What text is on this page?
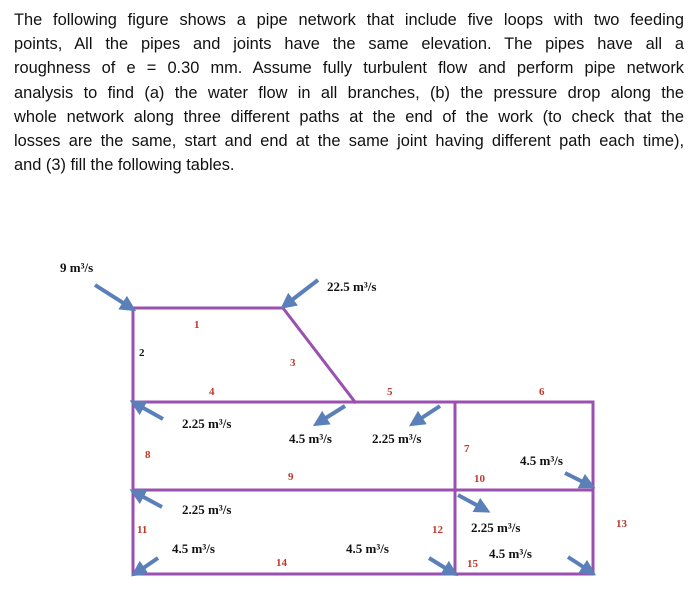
The following figure shows a pipe network that include five loops with two feeding
points, All the pipes and joints have the same elevation. The pipes have all a
roughness of e = 0.30 mm. Assume fully turbulent flow and perform pipe network
analysis to find (a) the water flow in all branches, (b) the pressure drop along the
whole network along three different paths at the end of the work (to check that the
losses are the same, start and end at the same joint having different path each time),
and (3) fill the following tables.
9 m³/s
22.5 m³/s
2.25 m³/s
4.5 m³/s	2.25 m³/s
4.5 m³/s
2.25 m³/s
4.5 m³/s	4.5 m³/s
2.25 m³/s
4.5 m³/s
1
2
3
4	5	6
7
8
9	10
11	12	13
14	15
